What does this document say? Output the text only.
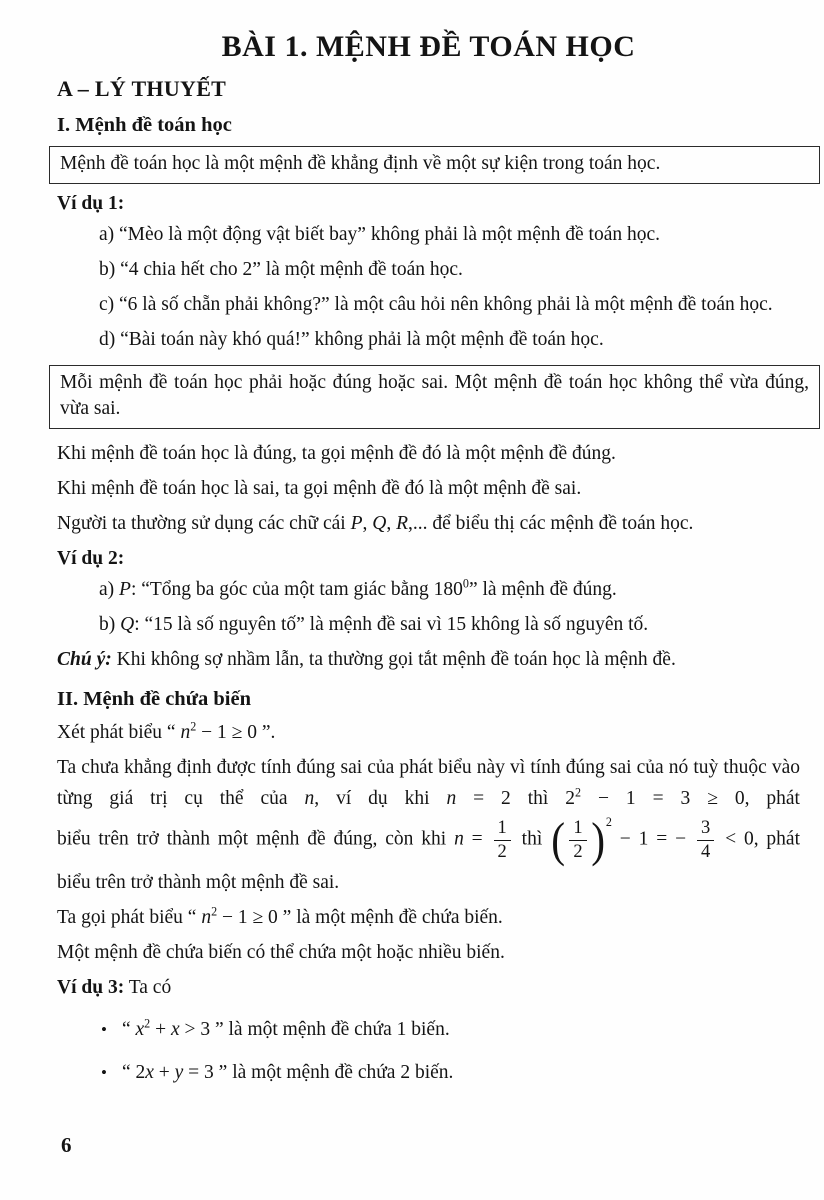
BÀI 1. MỆNH ĐỀ TOÁN HỌC
A – LÝ THUYẾT
I. Mệnh đề toán học
Mệnh đề toán học là một mệnh đề khẳng định về một sự kiện trong toán học.
Ví dụ 1:
a) “Mèo là một động vật biết bay” không phải là một mệnh đề toán học.
b) “4 chia hết cho 2” là một mệnh đề toán học.
c) “6 là số chẵn phải không?” là một câu hỏi nên không phải là một mệnh đề toán học.
d) “Bài toán này khó quá!” không phải là một mệnh đề toán học.
Mỗi mệnh đề toán học phải hoặc đúng hoặc sai. Một mệnh đề toán học không thể vừa đúng, vừa sai.
Khi mệnh đề toán học là đúng, ta gọi mệnh đề đó là một mệnh đề đúng.
Khi mệnh đề toán học là sai, ta gọi mệnh đề đó là một mệnh đề sai.
Người ta thường sử dụng các chữ cái P, Q, R,... để biểu thị các mệnh đề toán học.
Ví dụ 2:
a) P: “Tổng ba góc của một tam giác bằng $180^0$” là mệnh đề đúng.
b) Q: “15 là số nguyên tố” là mệnh đề sai vì 15 không là số nguyên tố.
Chú ý: Khi không sợ nhầm lẫn, ta thường gọi tắt mệnh đề toán học là mệnh đề.
II. Mệnh đề chứa biến
Xét phát biểu “ $n^2 - 1 \ge 0$ ”.
Ta chưa khẳng định được tính đúng sai của phát biểu này vì tính đúng sai của nó tuỳ thuộc vào từng giá trị cụ thể của n, ví dụ khi n = 2 thì $2^2 - 1 = 3 \ge 0$, phát
biểu trên trở thành một mệnh đề đúng, còn khi $n = \frac{1}{2}$ thì ( $\frac{1}{2} )^2 - 1$ = − $\frac{3}{4} < 0$, phát
biểu trên trở thành một mệnh đề sai.
Ta gọi phát biểu “ $n^2 - 1 \ge 0$ ” là một mệnh đề chứa biến.
Một mệnh đề chứa biến có thể chứa một hoặc nhiều biến.
Ví dụ 3: Ta có
• “ $x^2 + x > 3$ ” là một mệnh đề chứa 1 biến.
• “ 2x + y = 3 ” là một mệnh đề chứa 2 biến.
6
